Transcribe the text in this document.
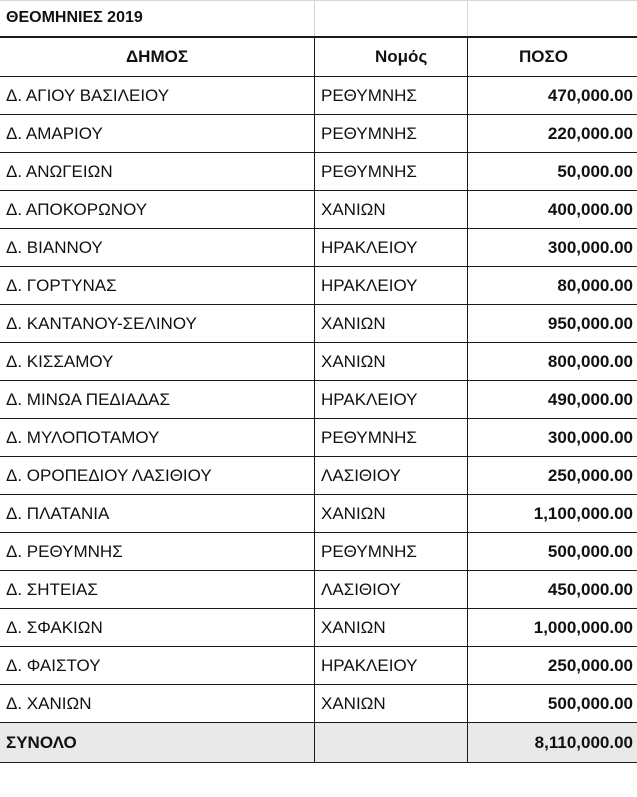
ΘΕΟΜΗΝΙΕΣ 2019		
ΔΗΜΟΣ	Νομός	ΠΟΣΟ
Δ. ΑΓΙΟΥ ΒΑΣΙΛΕΙΟΥ	ΡΕΘΥΜΝΗΣ	470,000.00
Δ. ΑΜΑΡΙΟΥ	ΡΕΘΥΜΝΗΣ	220,000.00
Δ. ΑΝΩΓΕΙΩΝ	ΡΕΘΥΜΝΗΣ	50,000.00
Δ. ΑΠΟΚΟΡΩΝΟΥ	ΧΑΝΙΩΝ	400,000.00
Δ. ΒΙΑΝΝΟΥ	ΗΡΑΚΛΕΙΟΥ	300,000.00
Δ. ΓΟΡΤΥΝΑΣ	ΗΡΑΚΛΕΙΟΥ	80,000.00
Δ. ΚΑΝΤΑΝΟΥ-ΣΕΛΙΝΟΥ	ΧΑΝΙΩΝ	950,000.00
Δ. ΚΙΣΣΑΜΟΥ	ΧΑΝΙΩΝ	800,000.00
Δ. ΜΙΝΩΑ ΠΕΔΙΑΔΑΣ	ΗΡΑΚΛΕΙΟΥ	490,000.00
Δ. ΜΥΛΟΠΟΤΑΜΟΥ	ΡΕΘΥΜΝΗΣ	300,000.00
Δ. ΟΡΟΠΕΔΙΟΥ ΛΑΣΙΘΙΟΥ	ΛΑΣΙΘΙΟΥ	250,000.00
Δ. ΠΛΑΤΑΝΙΑ	ΧΑΝΙΩΝ	1,100,000.00
Δ. ΡΕΘΥΜΝΗΣ	ΡΕΘΥΜΝΗΣ	500,000.00
Δ. ΣΗΤΕΙΑΣ	ΛΑΣΙΘΙΟΥ	450,000.00
Δ. ΣΦΑΚΙΩΝ	ΧΑΝΙΩΝ	1,000,000.00
Δ. ΦΑΙΣΤΟΥ	ΗΡΑΚΛΕΙΟΥ	250,000.00
Δ. ΧΑΝΙΩΝ	ΧΑΝΙΩΝ	500,000.00
ΣΥΝΟΛΟ		8,110,000.00
